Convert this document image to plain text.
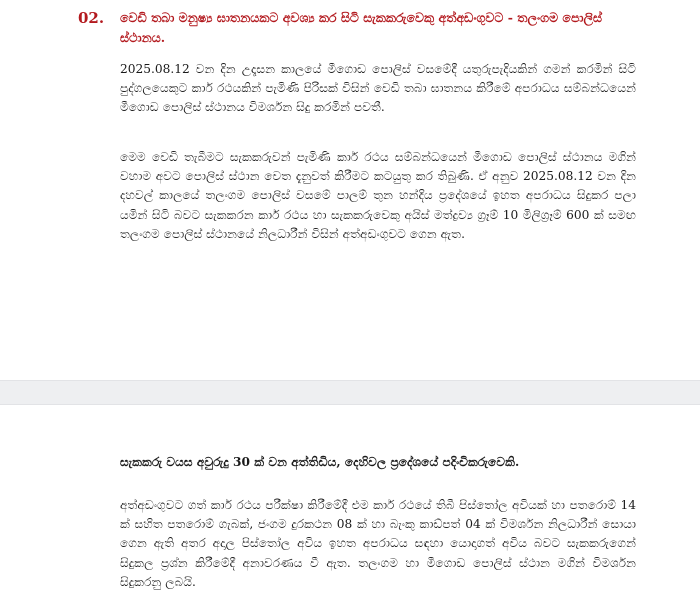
02.	වෙඩි තබා මනුෂ්‍ය ඝාතනයකට අවශ්‍ය කර සිටි සැකකරුවෙකු අත්අඩංගුවට - තලංගම පොලිස් ස්ථානය.

2025.08.12 වන දින උදෑසන කාලයේ මීගොඩ පොලිස් වසමේදී යතුරුපැදියකින් ගමන් කරමින් සිටි පුද්ගලයෙකුට කාර් රථයකින් පැමිණි පිරිසක් විසින් වෙඩි තබා ඝාතනය කිරීමේ අපරාධය සම්බන්ධයෙන් මීගොඩ පොලිස් ස්ථානය විමර්ශන සිදු කරමින් පවතී.

මෙම වෙඩි තැබීමට සැකකරුවන් පැමිණි කාර් රථය සම්බන්ධයෙන් මීගොඩ පොලිස් ස්ථානය මගින් වහාම අවට පොලිස් ස්ථාන වෙත දැනුවත් කිරීමට කටයුතු කර තිබුණි. ඒ අනුව 2025.08.12 වන දින දහවල් කාලයේ තලංගම පොලිස් වසමේ පාලම් තුන හන්දිය ප්‍රදේශයේ ඉහත අපරාධය සිදුකර පලා යමින් සිටි බවට සැකකරන කාර් රථය හා සැකකරුවෙකු අයිස් මත්ද්‍රව්‍ය ග්‍රෑම් 10 මිලිග්‍රෑම් 600 ක් සමඟ තලංගම පොලිස් ස්ථානයේ නිලධාරීන් විසින් අත්අඩංගුවට ගෙන ඇත.

සැකකරු වයස අවුරුදු 30 ක් වන අත්තිඩිය, දෙහිවල ප්‍රදේශයේ පදිංචිකරුවෙකි.

අත්අඩංගුවට ගත් කාර් රථය පරීක්ෂා කිරීමේදී එම කාර් රථයේ තිබී පිස්තෝල අවියක් හා පතරොම් 14 ක් සහිත පතරොම් ගැබක්, ජංගම දුරකථන 08 ක් හා බැංකු කාඩ්පත් 04 ක් විමර්ශන නිලධාරීන් සොයා ගෙන ඇති අතර අදාල පිස්තෝල අවිය ඉහත අපරාධය සඳහා යොදාගත් අවිය බවට සැකකරුගෙන් සිදුකල ප්‍රශ්න කිරීමේදී අනාවරණය වී ඇත. තලංගම හා මීගොඩ පොලිස් ස්ථාන මගින් විමර්ශන සිදුකරනු ලබයි.
